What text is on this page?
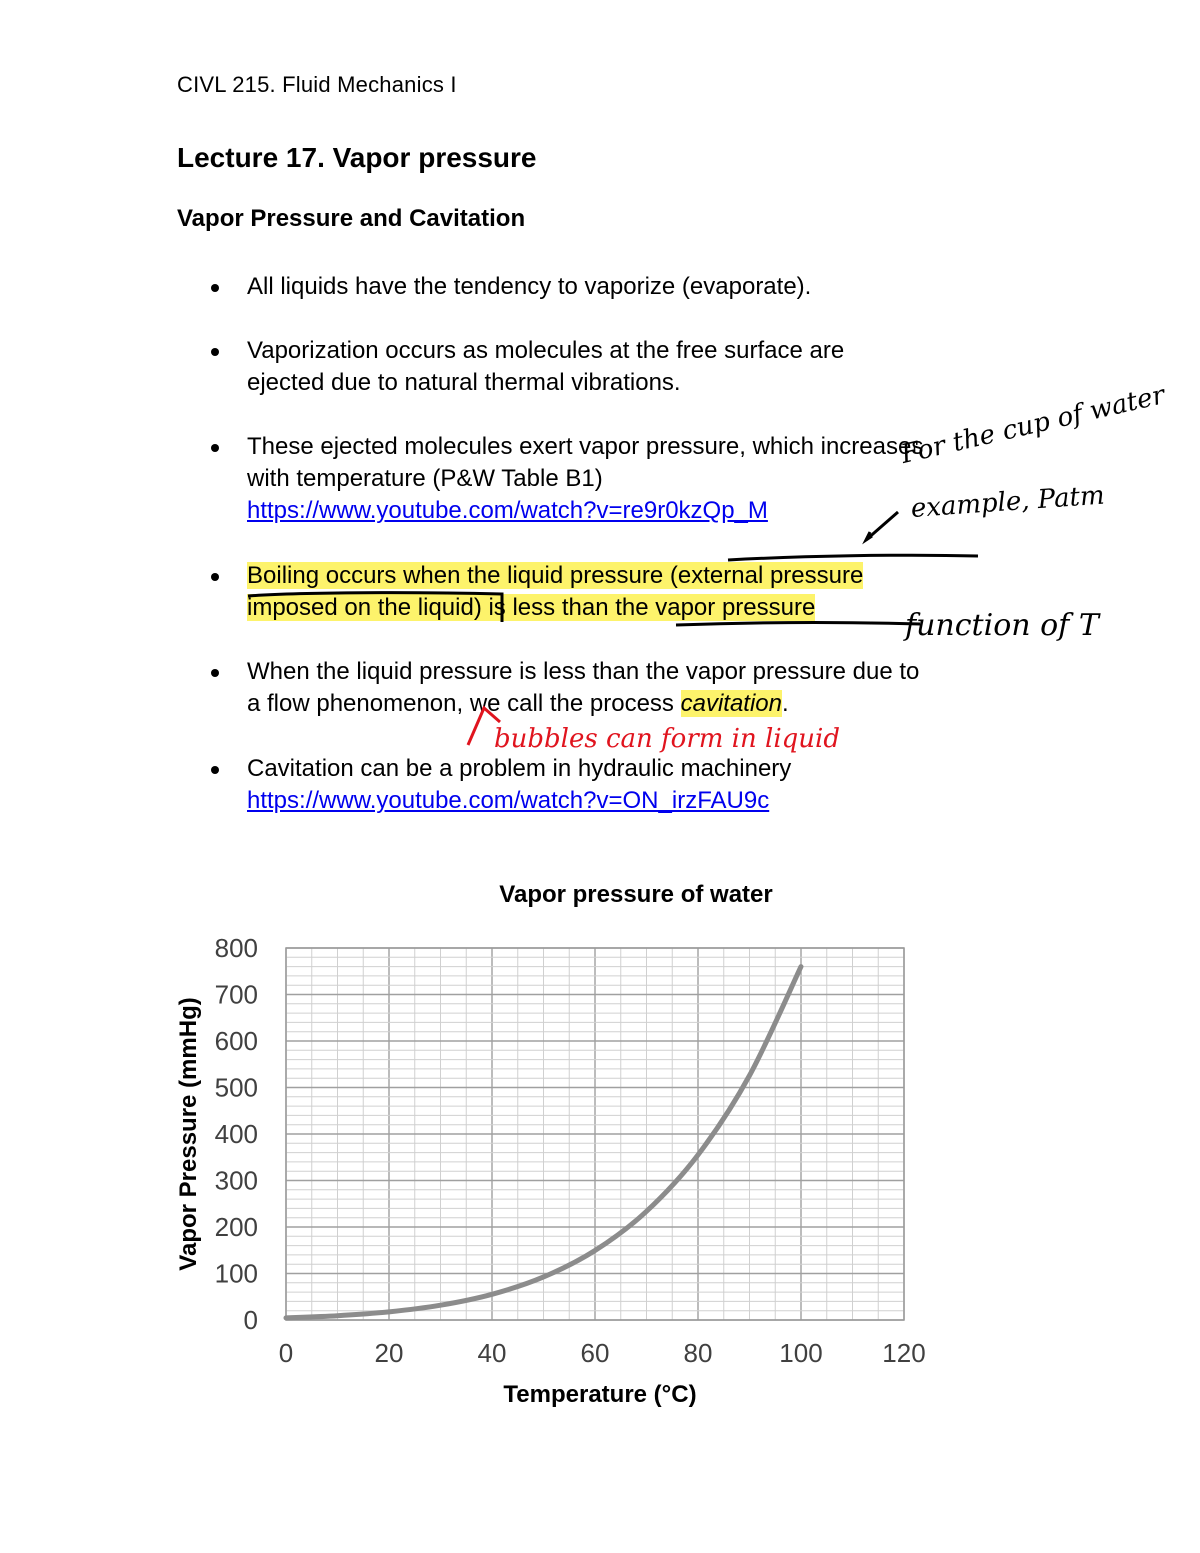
CIVL 215. Fluid Mechanics I
Lecture 17. Vapor pressure
Vapor Pressure and Cavitation
All liquids have the tendency to vaporize (evaporate).
Vaporization occurs as molecules at the free surface are
ejected due to natural thermal vibrations.
These ejected molecules exert vapor pressure, which increases
with temperature (P&W Table B1)
https://www.youtube.com/watch?v=re9r0kzQp_M
Boiling occurs when the liquid pressure (external pressure
imposed on the liquid) is less than the vapor pressure
When the liquid pressure is less than the vapor pressure due to
a flow phenomenon, we call the process cavitation.
Cavitation can be a problem in hydraulic machinery
https://www.youtube.com/watch?v=ON_irzFAU9c
For the cup of water
example, Patm
function of T
bubbles can form in liquid
Vapor pressure of water
0	20	40	60	80	100 120
0
100
200
300
400
500
600
700
800
Temperature (°C)
Vapor Pressure (mmHg)
